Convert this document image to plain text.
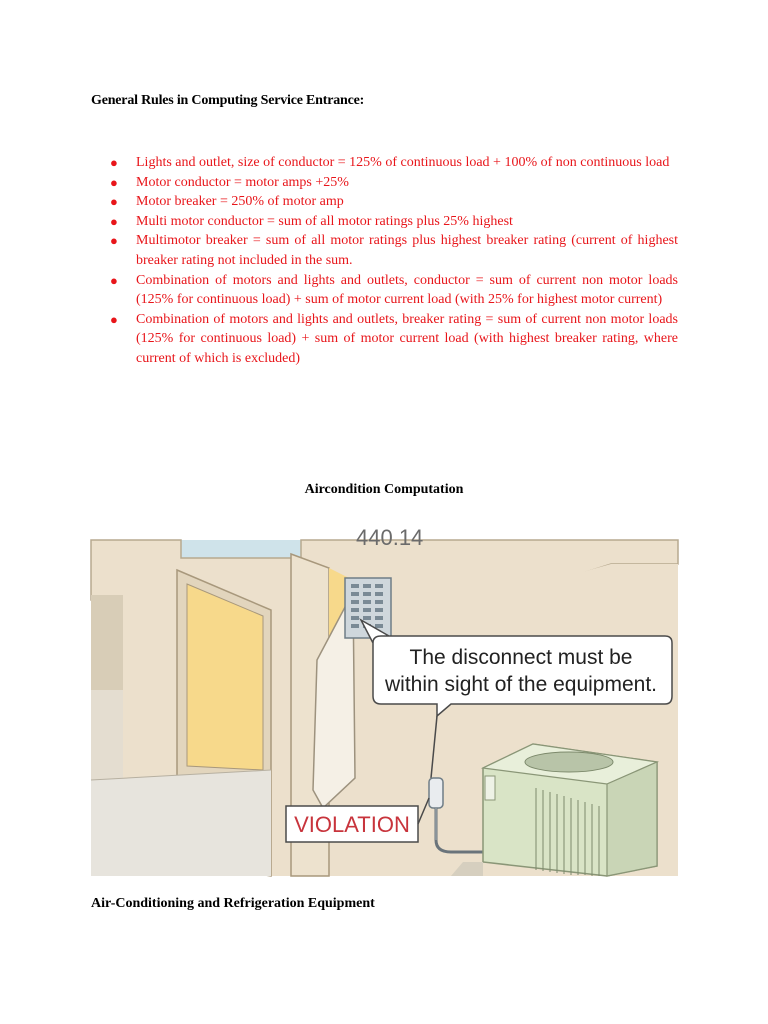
General Rules in Computing Service Entrance:
● Lights and outlet, size of conductor = 125% of continuous load + 100% of non continuous load
● Motor conductor = motor amps +25%
● Motor breaker = 250% of motor amp
● Multi motor conductor = sum of all motor ratings plus 25% highest
● Multimotor breaker = sum of all motor ratings plus highest breaker rating (current of highest breaker rating not included in the sum.
● Combination of motors and lights and outlets, conductor = sum of current non motor loads (125% for continuous load) + sum of motor current load (with 25% for highest motor current)
● Combination of motors and lights and outlets, breaker rating = sum of current non motor loads (125% for continuous load) + sum of motor current load (with highest breaker rating, where current of which is excluded)
Aircondition Computation
440.14
The disconnect must be
within sight of the equipment.
VIOLATION
Air-Conditioning and Refrigeration Equipment
